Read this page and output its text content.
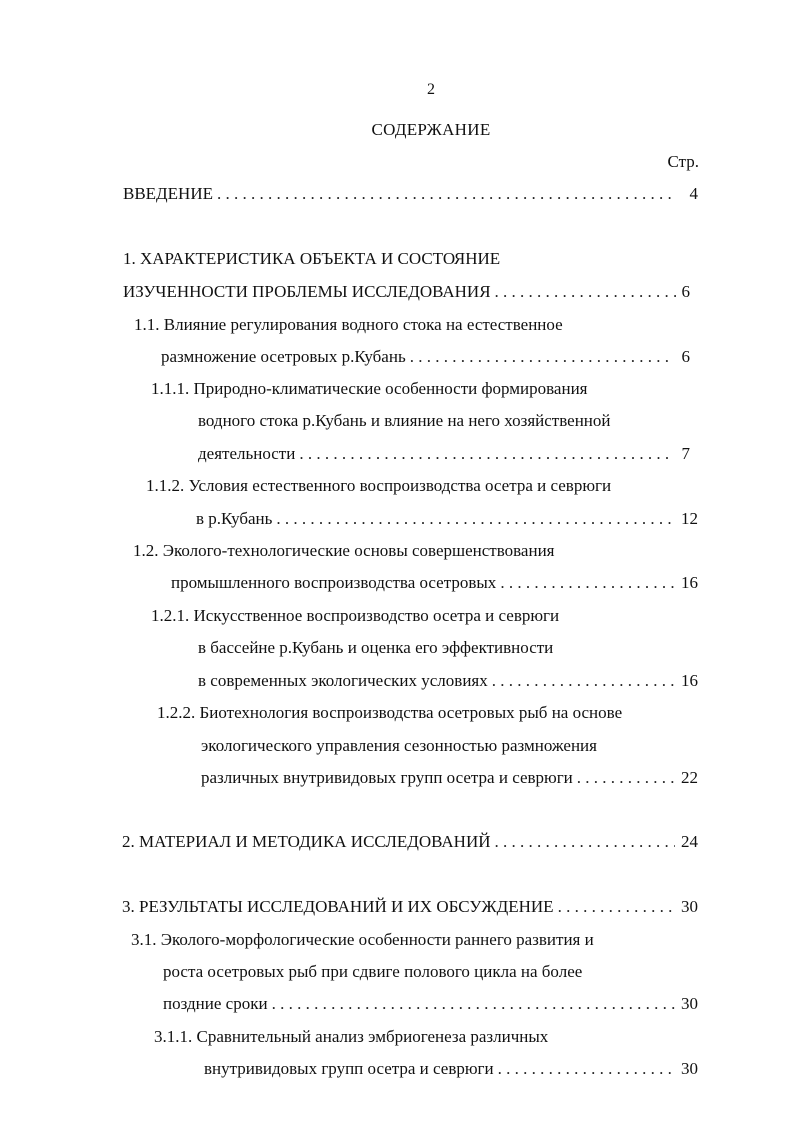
2
СОДЕРЖАНИЕ
Стр.
ВВЕДЕНИЕ . . .	4
1. ХАРАКТЕРИСТИКА ОБЪЕКТА И СОСТОЯНИЕ
ИЗУЧЕННОСТИ ПРОБЛЕМЫ ИССЛЕДОВАНИЯ . . .	6
1.1. Влияние регулирования водного стока на естественное
размножение осетровых р.Кубань . . .	6
1.1.1. Природно-климатические особенности формирования
водного стока р.Кубань и влияние на него хозяйственной
деятельности . . .	7
1.1.2. Условия естественного воспроизводства осетра и севрюги
в р.Кубань . . .	12
1.2. Эколого-технологические основы совершенствования
промышленного воспроизводства осетровых . . .	16
1.2.1. Искусственное воспроизводство осетра и севрюги
в бассейне р.Кубань и оценка его эффективности
в современных экологических условиях . . .	16
1.2.2. Биотехнология воспроизводства осетровых рыб на основе
экологического управления сезонностью размножения
различных внутривидовых групп осетра и севрюги . . .	22
2. МАТЕРИАЛ И МЕТОДИКА ИССЛЕДОВАНИЙ . . .	24
3. РЕЗУЛЬТАТЫ ИССЛЕДОВАНИЙ И ИХ ОБСУЖДЕНИЕ . . .	30
3.1. Эколого-морфологические особенности раннего развития и
роста осетровых рыб при сдвиге полового цикла на более
поздние сроки . . .	30
3.1.1. Сравнительный анализ эмбриогенеза различных
внутривидовых групп осетра и севрюги . . .	30
